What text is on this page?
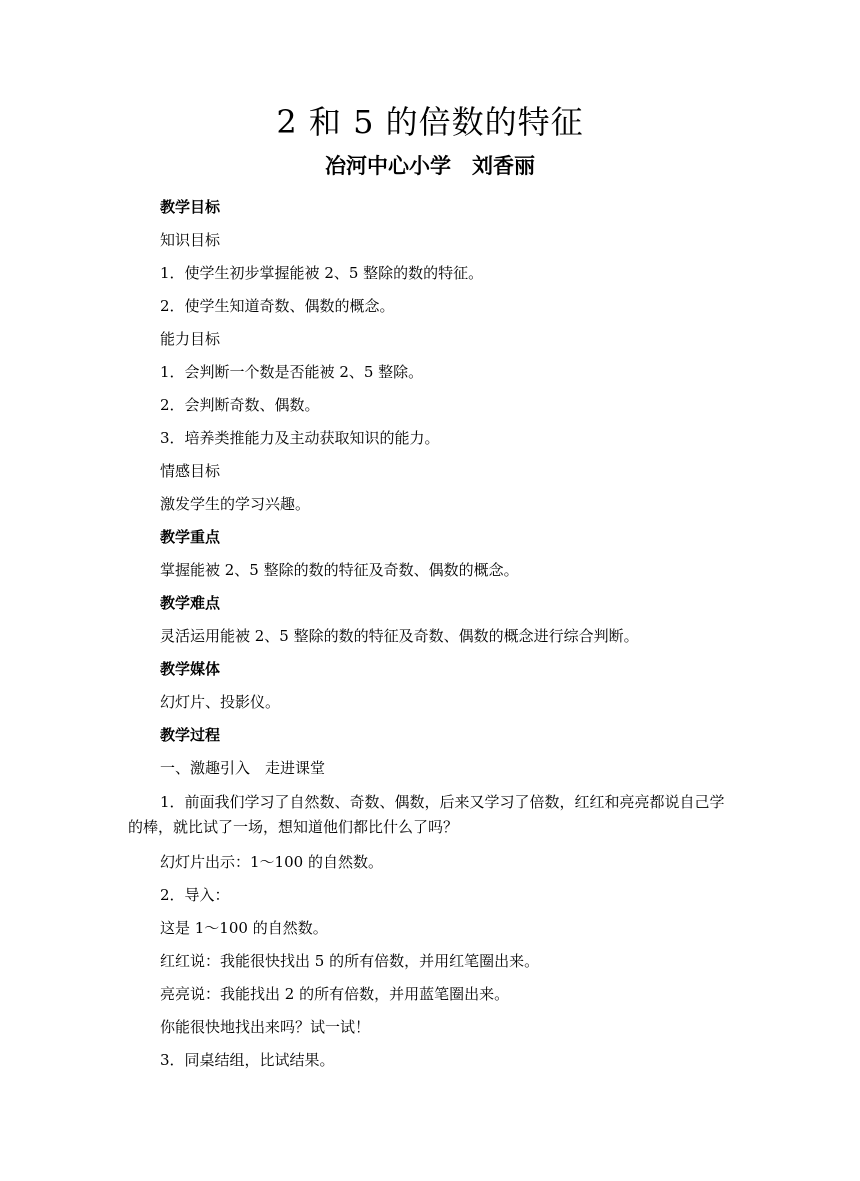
2 和 5 的倍数的特征
冶河中心小学　刘香丽
教学目标
知识目标
1．使学生初步掌握能被 2、5 整除的数的特征。
2．使学生知道奇数、偶数的概念。
能力目标
1．会判断一个数是否能被 2、5 整除。
2．会判断奇数、偶数。
3．培养类推能力及主动获取知识的能力。
情感目标
激发学生的学习兴趣。
教学重点
掌握能被 2、5 整除的数的特征及奇数、偶数的概念。
教学难点
灵活运用能被 2、5 整除的数的特征及奇数、偶数的概念进行综合判断。
教学媒体
幻灯片、投影仪。
教学过程
一、激趣引入　走进课堂
1．前面我们学习了自然数、奇数、偶数，后来又学习了倍数，红红和亮亮都说自己学的棒，就比试了一场，想知道他们都比什么了吗？
幻灯片出示：1～100 的自然数。
2．导入：
这是 1～100 的自然数。
红红说：我能很快找出 5 的所有倍数，并用红笔圈出来。
亮亮说：我能找出 2 的所有倍数，并用蓝笔圈出来。
你能很快地找出来吗？试一试！
3．同桌结组，比试结果。
